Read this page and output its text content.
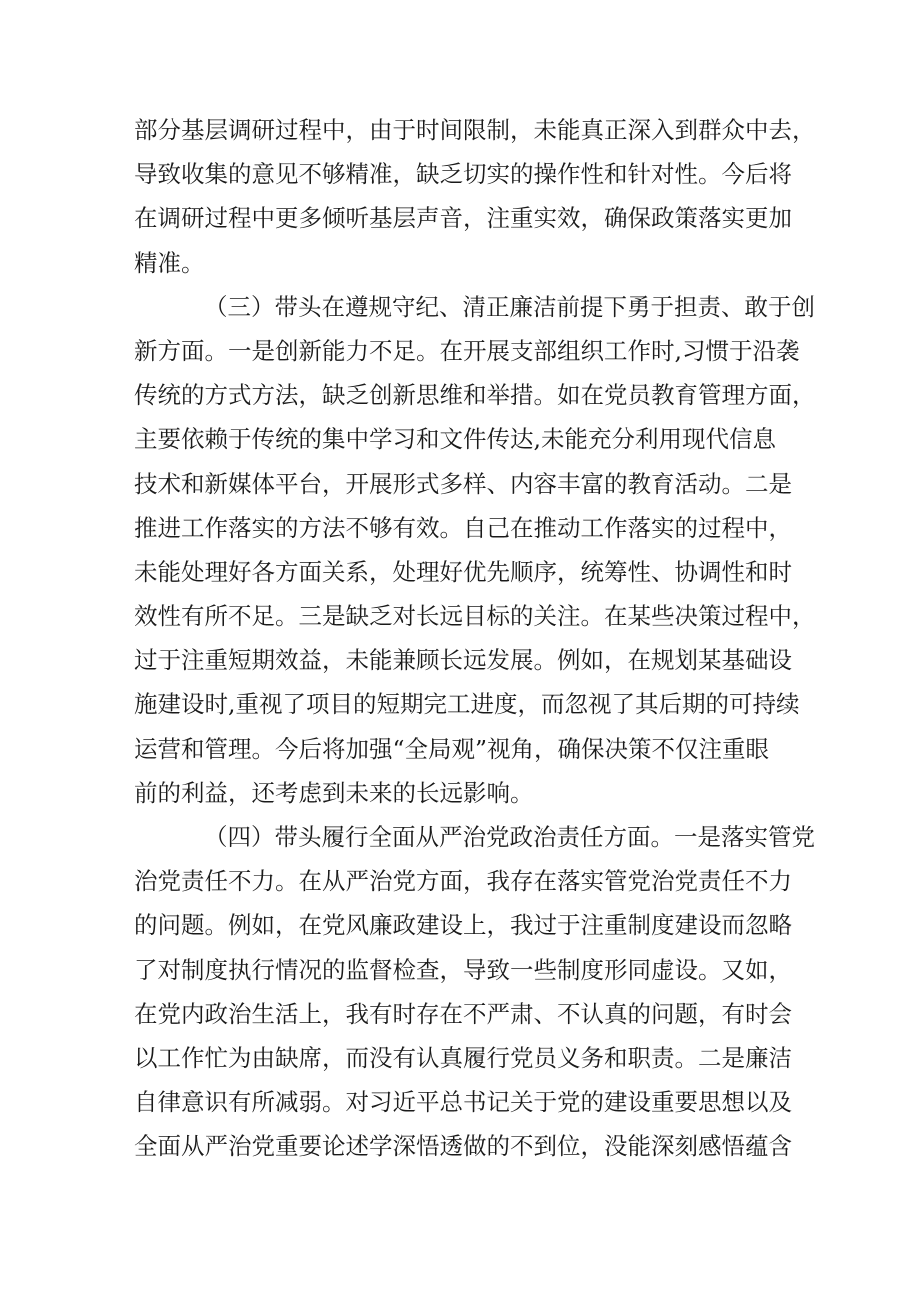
部分基层调研过程中，由于时间限制，未能真正深入到群众中去，
导致收集的意见不够精准，缺乏切实的操作性和针对性。今后将
在调研过程中更多倾听基层声音，注重实效，确保政策落实更加
精准。
（三）带头在遵规守纪、清正廉洁前提下勇于担责、敢于创
新方面。一是创新能力不足。在开展支部组织工作时,习惯于沿袭
传统的方式方法，缺乏创新思维和举措。如在党员教育管理方面，
主要依赖于传统的集中学习和文件传达,未能充分利用现代信息
技术和新媒体平台，开展形式多样、内容丰富的教育活动。二是
推进工作落实的方法不够有效。自己在推动工作落实的过程中，
未能处理好各方面关系，处理好优先顺序，统筹性、协调性和时
效性有所不足。三是缺乏对长远目标的关注。在某些决策过程中，
过于注重短期效益，未能兼顾长远发展。例如，在规划某基础设
施建设时,重视了项目的短期完工进度，而忽视了其后期的可持续
运营和管理。今后将加强“全局观”视角，确保决策不仅注重眼
前的利益，还考虑到未来的长远影响。
（四）带头履行全面从严治党政治责任方面。一是落实管党
治党责任不力。在从严治党方面，我存在落实管党治党责任不力
的问题。例如，在党风廉政建设上，我过于注重制度建设而忽略
了对制度执行情况的监督检查，导致一些制度形同虚设。又如，
在党内政治生活上，我有时存在不严肃、不认真的问题，有时会
以工作忙为由缺席，而没有认真履行党员义务和职责。二是廉洁
自律意识有所减弱。对习近平总书记关于党的建设重要思想以及
全面从严治党重要论述学深悟透做的不到位，没能深刻感悟蕴含
